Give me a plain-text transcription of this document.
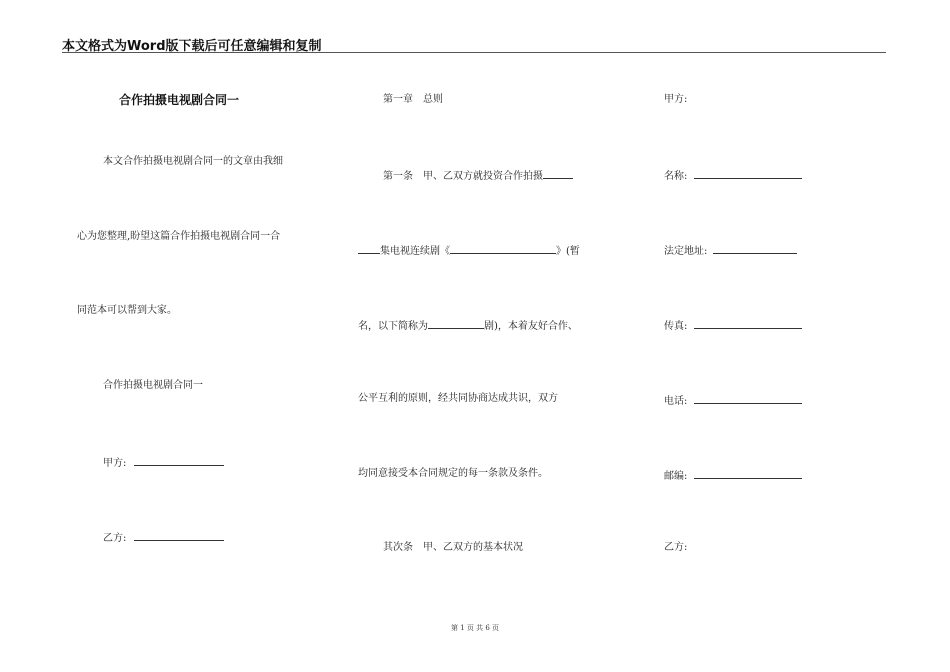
本文格式为Word版下载后可任意编辑和复制
合作拍摄电视剧合同一
本文合作拍摄电视剧合同一的文章由我细
心为您整理,盼望这篇合作拍摄电视剧合同一合
同范本可以帮到大家。
合作拍摄电视剧合同一
甲方:
乙方:
第一章　总则
第一条　甲、乙双方就投资合作拍摄
集电视连续剧《	》(暂
名，以下简称为	剧)，本着友好合作、
公平互利的原则，经共同协商达成共识，双方
均同意接受本合同规定的每一条款及条件。
其次条　甲、乙双方的基本状况
甲方:
名称:
法定地址:
传真:
电话:
邮编:
乙方:
第 1 页 共 6 页
